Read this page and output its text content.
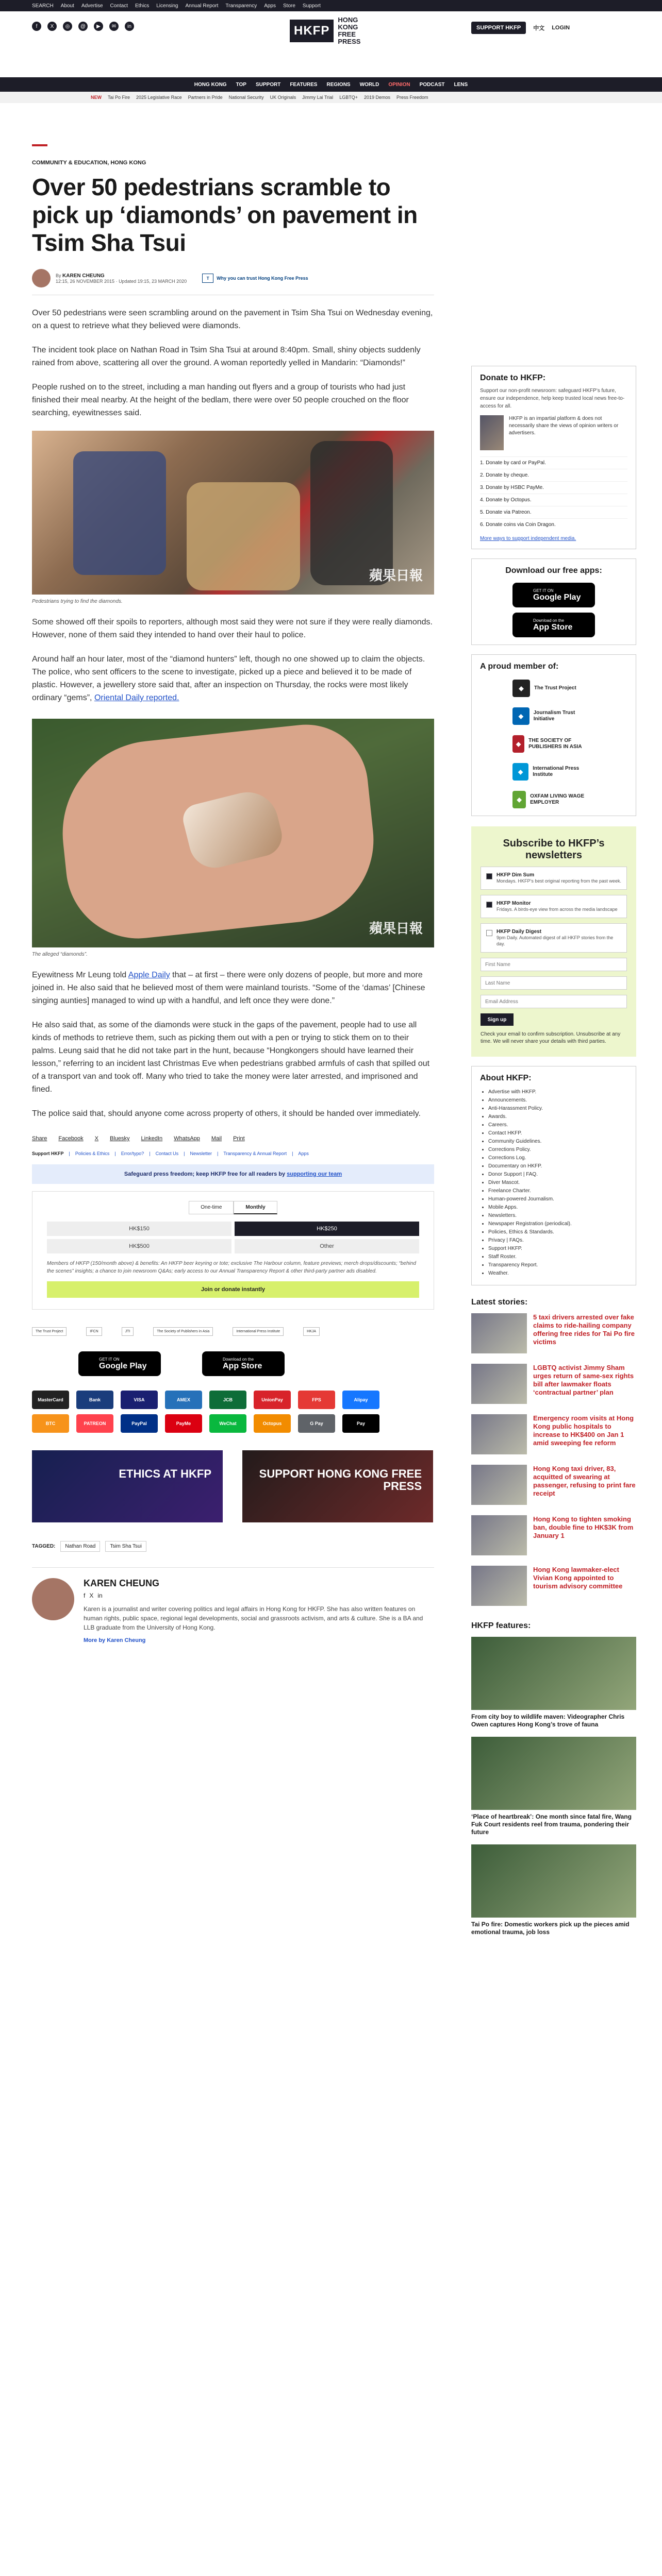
SEARCH About Advertise Contact Ethics Licensing Annual Report Transparency Apps Store Support
f	X	◎	@	▶	✉	in	HKFP
HONG KONG
FREE PRESS
SUPPORT HKFP	中文 LOGIN
HONG KONG TOP SUPPORT FEATURES REGIONS WORLD OPINION PODCAST LENS
NEW Tai Po Fire 2025 Legislative Race Partners in Pride National Security UK Originals Jimmy Lai Trial LGBTQ+ 2019 Demos Press Freedom
COMMUNITY & EDUCATION, HONG KONG
Over 50 pedestrians scramble to pick up ‘diamonds’ on pavement in Tsim Sha Tsui
By KAREN CHEUNG
12:15, 26 NOVEMBER 2015 · Updated 19:15, 23 MARCH 2020
T	Why you can trust Hong Kong Free Press

Over 50 pedestrians were seen scrambling around on the pavement in Tsim Sha Tsui on Wednesday evening, on a quest to retrieve what they believed were diamonds.

The incident took place on Nathan Road in Tsim Sha Tsui at around 8:40pm. Small, shiny objects suddenly rained from above, scattering all over the ground. A woman reportedly yelled in Mandarin: “Diamonds!”

People rushed on to the street, including a man handing out flyers and a group of tourists who had just finished their meal nearby. At the height of the bedlam, there were over 50 people crouched on the floor searching, eyewitnesses said.

蘋果日報
Pedestrians trying to find the diamonds.

Some showed off their spoils to reporters, although most said they were not sure if they were really diamonds. However, none of them said they intended to hand over their haul to police.

Around half an hour later, most of the “diamond hunters” left, though no one showed up to claim the objects. The police, who sent officers to the scene to investigate, picked up a piece and believed it to be made of plastic. However, a jewellery store said that, after an inspection on Thursday, the rocks were most likely ordinary “gems”, Oriental Daily reported.

蘋果日報
The alleged “diamonds”.

Eyewitness Mr Leung told Apple Daily that – at first – there were only dozens of people, but more and more joined in. He also said that he believed most of them were mainland tourists. “Some of the ‘damas’ [Chinese singing aunties] managed to wind up with a handful, and left once they were done.”

He also said that, as some of the diamonds were stuck in the gaps of the pavement, people had to use all kinds of methods to retrieve them, such as picking them out with a pen or trying to stick them on to their palms. Leung said that he did not take part in the hunt, because “Hongkongers should have learned their lesson,” referring to an incident last Christmas Eve when pedestrians grabbed armfuls of cash that spilled out of a transport van and took off. Many who tried to take the money were later arrested, and imprisoned and fined.

The police said that, should anyone come across property of others, it should be handed over immediately.

Share Facebook X Bluesky LinkedIn WhatsApp Mail Print
Support HKFP | Policies & Ethics | Error/typo? | Contact Us | Newsletter | Transparency & Annual Report | Apps
Safeguard press freedom; keep HKFP free for all readers by
supporting our team
One-time	Monthly
HK$150	HK$250
HK$500	Other
Members of HKFP (150/month above) & benefits: An HKFP beer keyring or tote; exclusive The Harbour column, feature previews; merch drops/discounts; “behind the scenes” insights; a chance to join newsroom Q&As; early access to our Annual Transparency Report & other third-party partner ads disabled.
Join or donate instantly
The Trust Project	IFCN	JTI	The Society of Publishers in Asia	International Press Institute	HKJA
GET IT ON
Google Play
Download on the
App Store
MasterCard	Bank	VISA	AMEX	JCB	UnionPay	FPS	Alipay
BTC	PATREON	PayPal	PayMe	WeChat	Octopus	G Pay	Pay
ETHICS AT HKFP	SUPPORT HONG KONG FREE PRESS
TAGGED:	Nathan Road	Tsim Sha Tsui
KAREN CHEUNG
f X in

Karen is a journalist and writer covering politics and legal affairs in Hong Kong for HKFP. She has also written features on human rights, public space, regional legal developments, social and grassroots activism, and arts & culture. She is a BA and LLB graduate from the University of Hong Kong.

More by Karen Cheung
Donate to HKFP:

Support our non-profit newsroom: safeguard HKFP’s future, ensure our independence, help keep trusted local news free-to-access for all.

HKFP is an impartial platform & does not necessarily share the views of opinion writers or advertisers.
1. Donate by card or PayPal.
2. Donate by cheque.
3. Donate by HSBC PayMe.
4. Donate by Octopus.
5. Donate via Patreon.
6. Donate coins via Coin Dragon.
More ways to support independent media.
Download our free apps:
GET IT ON
Google Play
Download on the
App Store
A proud member of:
◆	The Trust Project
◆	Journalism Trust Initiative
◆	THE SOCIETY OF PUBLISHERS IN ASIA
◆	International Press Institute
◆	OXFAM LIVING WAGE EMPLOYER
Subscribe to HKFP’s newsletters
HKFP Dim Sum
Mondays. HKFP’s best original reporting from the past week.
HKFP Monitor
Fridays. A birds-eye view from across the media landscape
HKFP Daily Digest
9pm Daily. Automated digest of all HKFP stories from the day.
First Name Last Name Email Address Sign up
Check your email to confirm subscription. Unsubscribe at any time. We will never share your details with third parties.
About HKFP:
• Advertise with HKFP.
• Announcements.
• Anti-Harassment Policy.
• Awards.
• Careers.
• Contact HKFP.
• Community Guidelines.
• Corrections Policy.
• Corrections Log.
• Documentary on HKFP.
• Donor Support | FAQ.
• Diver Mascot.
• Freelance Charter.
• Human-powered Journalism.
• Mobile Apps.
• Newsletters.
• Newspaper Registration (periodical).
• Policies, Ethics & Standards.
• Privacy | FAQs.
• Support HKFP.
• Staff Roster.
• Transparency Report.
• Weather.
Latest stories:
5 taxi drivers arrested over fake claims to ride-hailing company offering free rides for Tai Po fire victims
LGBTQ activist Jimmy Sham urges return of same-sex rights bill after lawmaker floats ‘contractual partner’ plan
Emergency room visits at Hong Kong public hospitals to increase to HK$400 on Jan 1 amid sweeping fee reform
Hong Kong taxi driver, 83, acquitted of swearing at passenger, refusing to print fare receipt
Hong Kong to tighten smoking ban, double fine to HK$3K from January 1
Hong Kong lawmaker-elect Vivian Kong appointed to tourism advisory committee
HKFP features:
From city boy to wildlife maven: Videographer Chris Owen captures Hong Kong’s trove of fauna
‘Place of heartbreak’: One month since fatal fire, Wang Fuk Court residents reel from trauma, pondering their future
Tai Po fire: Domestic workers pick up the pieces amid emotional trauma, job loss
